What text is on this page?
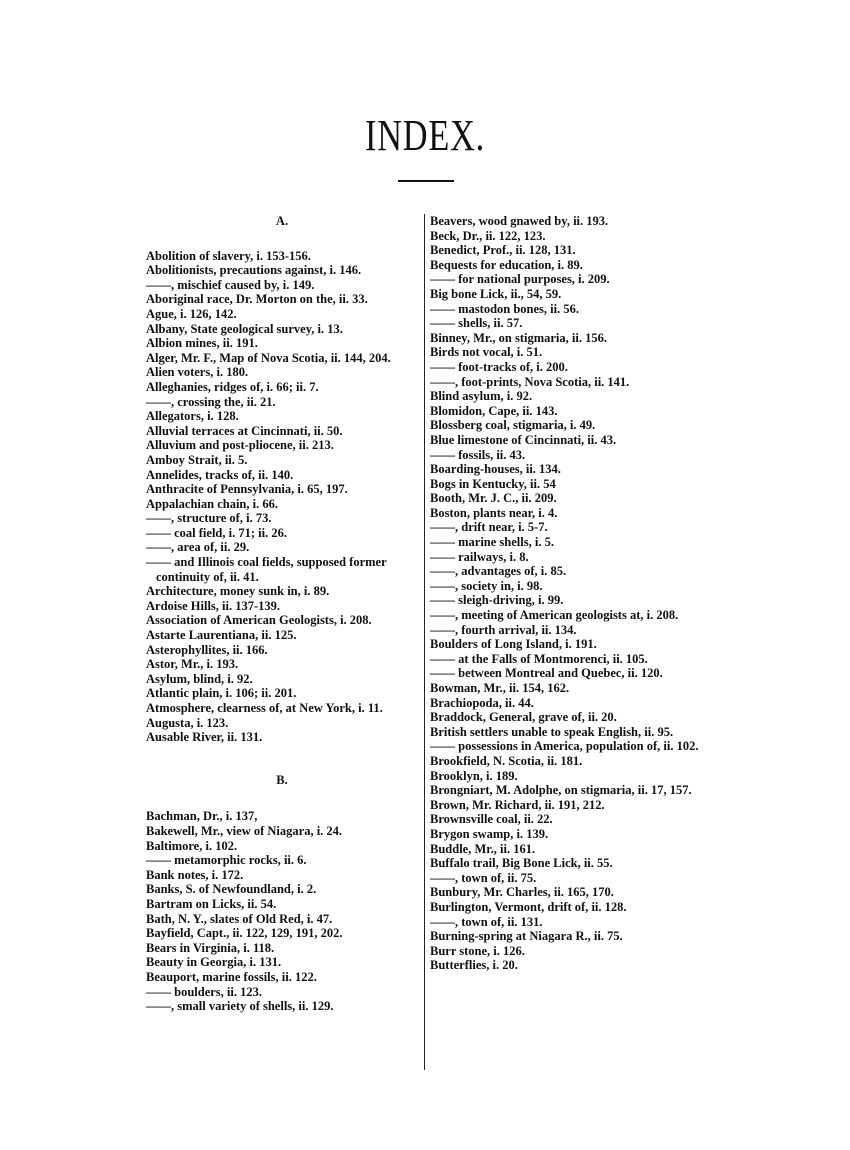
INDEX.
A.
Abolition of slavery, i. 153-156.
Abolitionists, precautions against, i. 146.
——, mischief caused by, i. 149.
Aboriginal race, Dr. Morton on the, ii. 33.
Ague, i. 126, 142.
Albany, State geological survey, i. 13.
Albion mines, ii. 191.
Alger, Mr. F., Map of Nova Scotia, ii. 144, 204.
Alien voters, i. 180.
Alleghanies, ridges of, i. 66; ii. 7.
——, crossing the, ii. 21.
Allegators, i. 128.
Alluvial terraces at Cincinnati, ii. 50.
Alluvium and post-pliocene, ii. 213.
Amboy Strait, ii. 5.
Annelides, tracks of, ii. 140.
Anthracite of Pennsylvania, i. 65, 197.
Appalachian chain, i. 66.
——, structure of, i. 73.
—— coal field, i. 71; ii. 26.
——, area of, ii. 29.
—— and Illinois coal fields, supposed former continuity of, ii. 41.
Architecture, money sunk in, i. 89.
Ardoise Hills, ii. 137-139.
Association of American Geologists, i. 208.
Astarte Laurentiana, ii. 125.
Asterophyllites, ii. 166.
Astor, Mr., i. 193.
Asylum, blind, i. 92.
Atlantic plain, i. 106; ii. 201.
Atmosphere, clearness of, at New York, i. 11.
Augusta, i. 123.
Ausable River, ii. 131.
B.
Bachman, Dr., i. 137,
Bakewell, Mr., view of Niagara, i. 24.
Baltimore, i. 102.
—— metamorphic rocks, ii. 6.
Bank notes, i. 172.
Banks, S. of Newfoundland, i. 2.
Bartram on Licks, ii. 54.
Bath, N. Y., slates of Old Red, i. 47.
Bayfield, Capt., ii. 122, 129, 191, 202.
Bears in Virginia, i. 118.
Beauty in Georgia, i. 131.
Beauport, marine fossils, ii. 122.
—— boulders, ii. 123.
——, small variety of shells, ii. 129.
Beavers, wood gnawed by, ii. 193.
Beck, Dr., ii. 122, 123.
Benedict, Prof., ii. 128, 131.
Bequests for education, i. 89.
—— for national purposes, i. 209.
Big bone Lick, ii., 54, 59.
—— mastodon bones, ii. 56.
—— shells, ii. 57.
Binney, Mr., on stigmaria, ii. 156.
Birds not vocal, i. 51.
—— foot-tracks of, i. 200.
——, foot-prints, Nova Scotia, ii. 141.
Blind asylum, i. 92.
Blomidon, Cape, ii. 143.
Blossberg coal, stigmaria, i. 49.
Blue limestone of Cincinnati, ii. 43.
—— fossils, ii. 43.
Boarding-houses, ii. 134.
Bogs in Kentucky, ii. 54
Booth, Mr. J. C., ii. 209.
Boston, plants near, i. 4.
——, drift near, i. 5-7.
—— marine shells, i. 5.
—— railways, i. 8.
——, advantages of, i. 85.
——, society in, i. 98.
—— sleigh-driving, i. 99.
——, meeting of American geologists at, i. 208.
——, fourth arrival, ii. 134.
Boulders of Long Island, i. 191.
—— at the Falls of Montmorenci, ii. 105.
—— between Montreal and Quebec, ii. 120.
Bowman, Mr., ii. 154, 162.
Brachiopoda, ii. 44.
Braddock, General, grave of, ii. 20.
British settlers unable to speak English, ii. 95.
—— possessions in America, population of, ii. 102.
Brookfield, N. Scotia, ii. 181.
Brooklyn, i. 189.
Brongniart, M. Adolphe, on stigmaria, ii. 17, 157.
Brown, Mr. Richard, ii. 191, 212.
Brownsville coal, ii. 22.
Brygon swamp, i. 139.
Buddle, Mr., ii. 161.
Buffalo trail, Big Bone Lick, ii. 55.
——, town of, ii. 75.
Bunbury, Mr. Charles, ii. 165, 170.
Burlington, Vermont, drift of, ii. 128.
——, town of, ii. 131.
Burning-spring at Niagara R., ii. 75.
Burr stone, i. 126.
Butterflies, i. 20.
